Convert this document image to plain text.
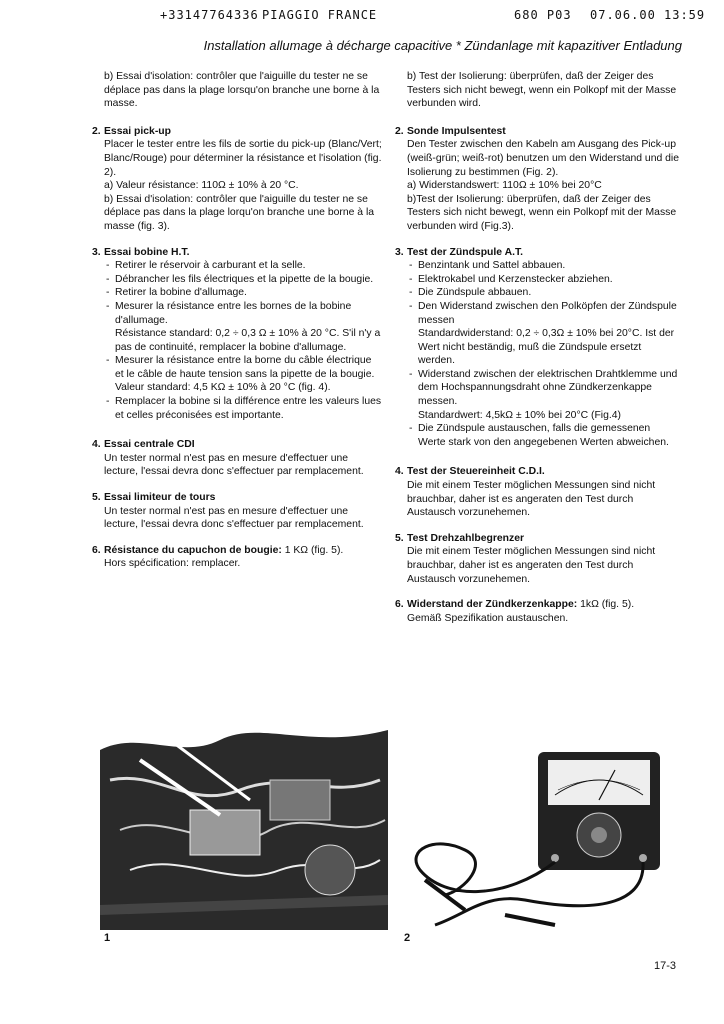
+33147764336 PIAGGIO FRANCE	680 P03 07.06.00 13:59
Installation allumage à décharge capacitive * Zündanlage mit kapazitiver Entladung

b) Essai d'isolation: contrôler que l'aiguille du tester ne se déplace pas dans la plage lorsqu'on branche une borne à la masse.

2. Essai pick-up

Placer le tester entre les fils de sortie du pick-up (Blanc/Vert; Blanc/Rouge) pour déterminer la résistance et l'isolation (fig. 2).

a) Valeur résistance: 110Ω ± 10% à 20 °C.

b) Essai d'isolation: contrôler que l'aiguille du tester ne se déplace pas dans la plage lorqu'on branche une borne à la masse (fig. 3).

3. Essai bobine H.T.
- Retirer le réservoir à carburant et la selle.
- Débrancher les fils électriques et la pipette de la bougie.
- Retirer la bobine d'allumage.
- Mesurer la résistance entre les bornes de la bobine d'allumage.

Résistance standard: 0,2 ÷ 0,3 Ω ± 10% à 20 °C. S'il n'y a pas de continuité, remplacer la bobine d'allumage.

- Mesurer la résistance entre la borne du câble électrique et le câble de haute tension sans la pipette de la bougie.

Valeur standard: 4,5 KΩ ± 10% à 20 °C (fig. 4).

- Remplacer la bobine si la différence entre les valeurs lues et celles préconisées est importante.
4. Essai centrale CDI

Un tester normal n'est pas en mesure d'effectuer une lecture, l'essai devra donc s'effectuer par remplacement.

5. Essai limiteur de tours

Un tester normal n'est pas en mesure d'effectuer une lecture, l'essai devra donc s'effectuer par remplacement.

6. Résistance du capuchon de bougie: 1 KΩ (fig. 5).

Hors spécification: remplacer.

b) Test der Isolierung: überprüfen, daß der Zeiger des Testers sich nicht bewegt, wenn ein Polkopf mit der Masse verbunden wird.

2. Sonde Impulsentest

Den Tester zwischen den Kabeln am Ausgang des Pick-up (weiß-grün; weiß-rot) benutzen um den Widerstand und die Isolierung zu bestimmen (Fig. 2).

a) Widerstandswert: 110Ω ± 10% bei 20°C

b)Test der Isolierung: überprüfen, daß der Zeiger des Testers sich nicht bewegt, wenn ein Polkopf mit der Masse verbunden wird (Fig.3).

3. Test der Zündspule A.T.
- Benzintank und Sattel abbauen.
- Elektrokabel und Kerzenstecker abziehen.
- Die Zündspule abbauen.
- Den Widerstand zwischen den Polköpfen der Zündspule messen

Standardwiderstand: 0,2 ÷ 0,3Ω ± 10% bei 20°C. Ist der Wert nicht beständig, muß die Zündspule ersetzt werden.

- Widerstand zwischen der elektrischen Drahtklemme und dem Hochspannungsdraht ohne Zündkerzenkappe messen.

Standardwert: 4,5kΩ ± 10% bei 20°C (Fig.4)

- Die Zündspule austauschen, falls die gemessenen Werte stark von den angegebenen Werten abweichen.
4. Test der Steuereinheit C.D.I.

Die mit einem Tester möglichen Messungen sind nicht brauchbar, daher ist es angeraten den Test durch Austausch vorzunehemen.

5. Test Drehzahlbegrenzer

Die mit einem Tester möglichen Messungen sind nicht brauchbar, daher ist es angeraten den Test durch Austausch vorzunehemen.

6. Widerstand der Zündkerzenkappe: 1kΩ (fig. 5).

Gemäß Spezifikation austauschen.

1	2
17-3
